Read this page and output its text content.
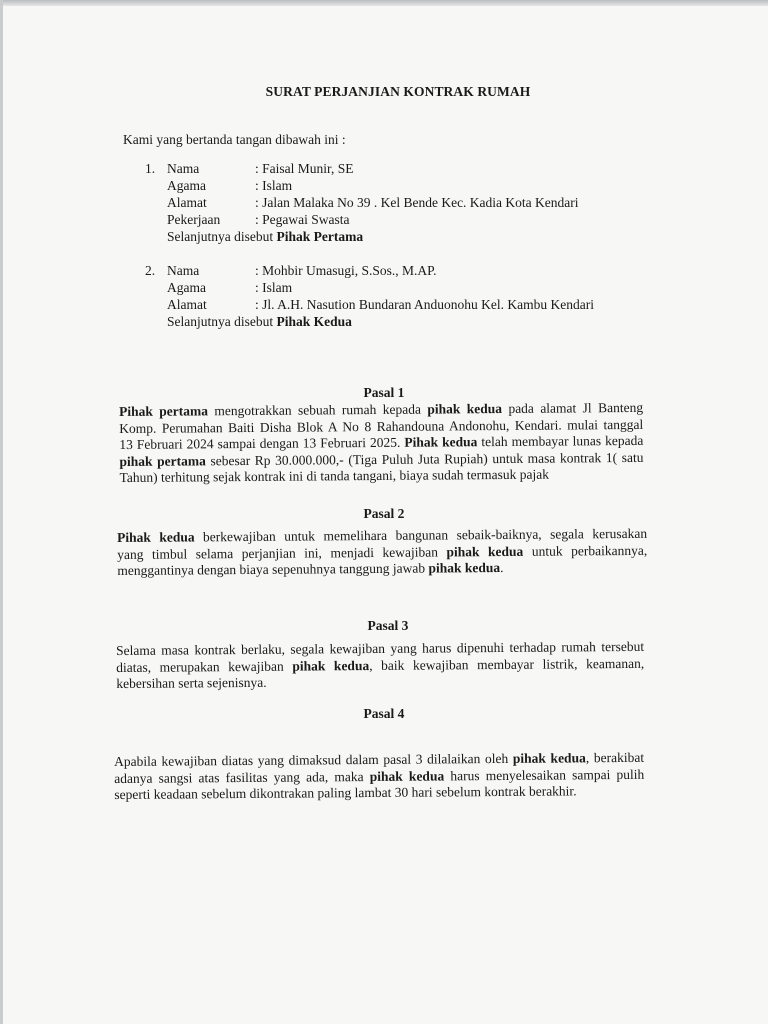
SURAT PERJANJIAN KONTRAK RUMAH
Kami yang bertanda tangan dibawah ini :
1. Nama	: Faisal Munir, SE
Agama	: Islam
Alamat	: Jalan Malaka No 39 . Kel Bende Kec. Kadia Kota Kendari
Pekerjaan	: Pegawai Swasta
Selanjutnya disebut Pihak Pertama
2. Nama	: Mohbir Umasugi, S.Sos., M.AP.
Agama	: Islam
Alamat	: Jl. A.H. Nasution Bundaran Anduonohu Kel. Kambu Kendari
Selanjutnya disebut Pihak Kedua
Pasal 1
Pihak pertama mengotrakkan sebuah rumah kepada pihak kedua pada alamat Jl Banteng
Komp. Perumahan Baiti Disha Blok A No 8 Rahandouna Andonohu, Kendari. mulai tanggal
13 Februari 2024 sampai dengan 13 Februari 2025. Pihak kedua telah membayar lunas kepada
pihak pertama sebesar Rp 30.000.000,- (Tiga Puluh Juta Rupiah) untuk masa kontrak 1( satu
Tahun) terhitung sejak kontrak ini di tanda tangani, biaya sudah termasuk pajak
Pasal 2
Pihak kedua berkewajiban untuk memelihara bangunan sebaik-baiknya, segala kerusakan
yang timbul selama perjanjian ini, menjadi kewajiban pihak kedua untuk perbaikannya,
menggantinya dengan biaya sepenuhnya tanggung jawab pihak kedua.
Pasal 3
Selama masa kontrak berlaku, segala kewajiban yang harus dipenuhi terhadap rumah tersebut
diatas, merupakan kewajiban pihak kedua, baik kewajiban membayar listrik, keamanan,
kebersihan serta sejenisnya.
Pasal 4
Apabila kewajiban diatas yang dimaksud dalam pasal 3 dilalaikan oleh pihak kedua, berakibat
adanya sangsi atas fasilitas yang ada, maka pihak kedua harus menyelesaikan sampai pulih
seperti keadaan sebelum dikontrakan paling lambat 30 hari sebelum kontrak berakhir.
